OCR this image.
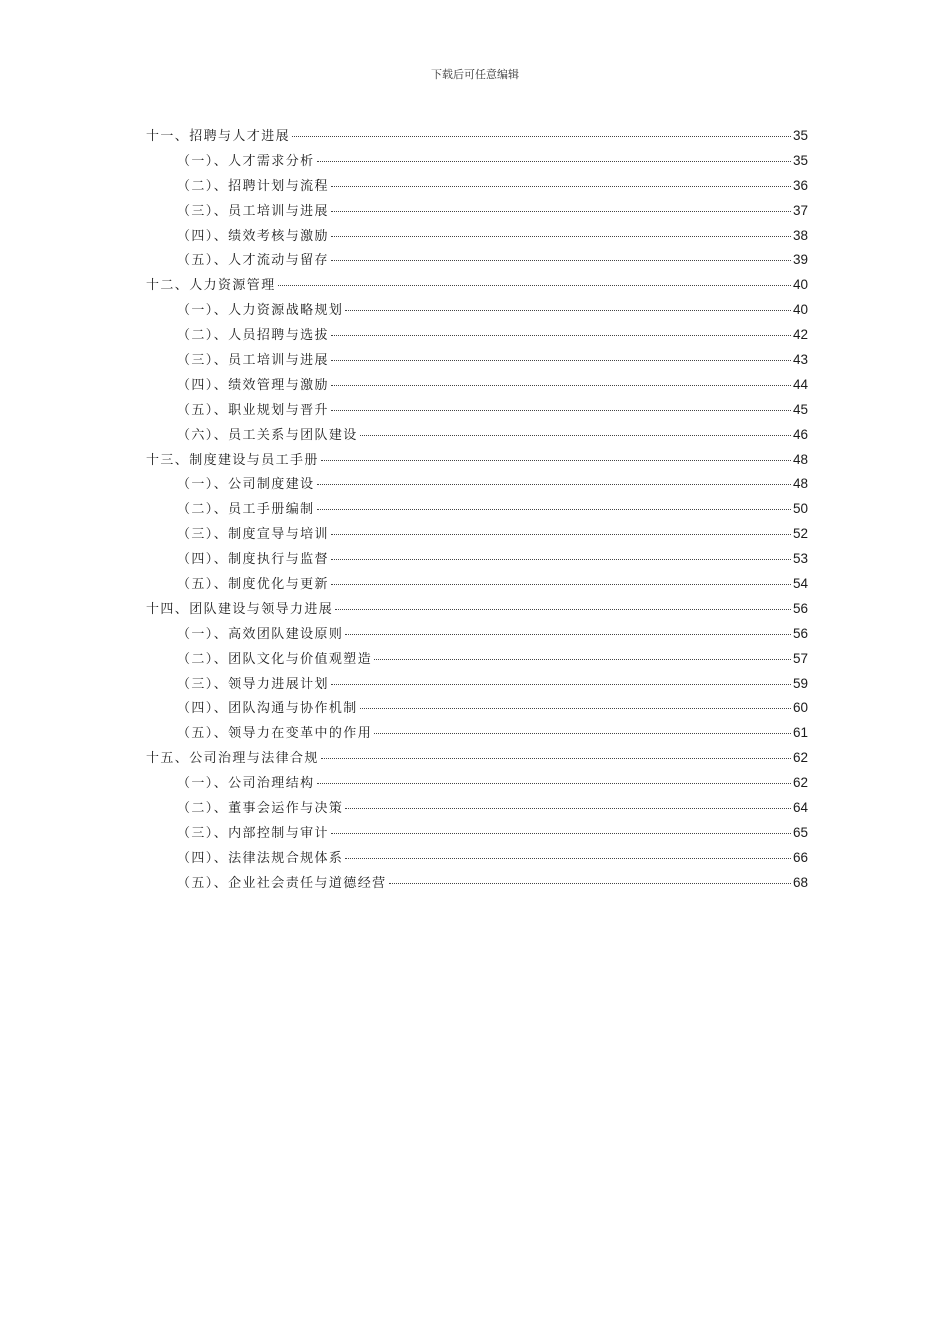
下载后可任意编辑
十一、招聘与人才进展	35
（一）、人才需求分析	35
（二）、招聘计划与流程	36
（三）、员工培训与进展	37
（四）、绩效考核与激励	38
（五）、人才流动与留存	39
十二、人力资源管理	40
（一）、人力资源战略规划	40
（二）、人员招聘与选拔	42
（三）、员工培训与进展	43
（四）、绩效管理与激励	44
（五）、职业规划与晋升	45
（六）、员工关系与团队建设	46
十三、制度建设与员工手册	48
（一）、公司制度建设	48
（二）、员工手册编制	50
（三）、制度宣导与培训	52
（四）、制度执行与监督	53
（五）、制度优化与更新	54
十四、团队建设与领导力进展	56
（一）、高效团队建设原则	56
（二）、团队文化与价值观塑造	57
（三）、领导力进展计划	59
（四）、团队沟通与协作机制	60
（五）、领导力在变革中的作用	61
十五、公司治理与法律合规	62
（一）、公司治理结构	62
（二）、董事会运作与决策	64
（三）、内部控制与审计	65
（四）、法律法规合规体系	66
（五）、企业社会责任与道德经营	68
